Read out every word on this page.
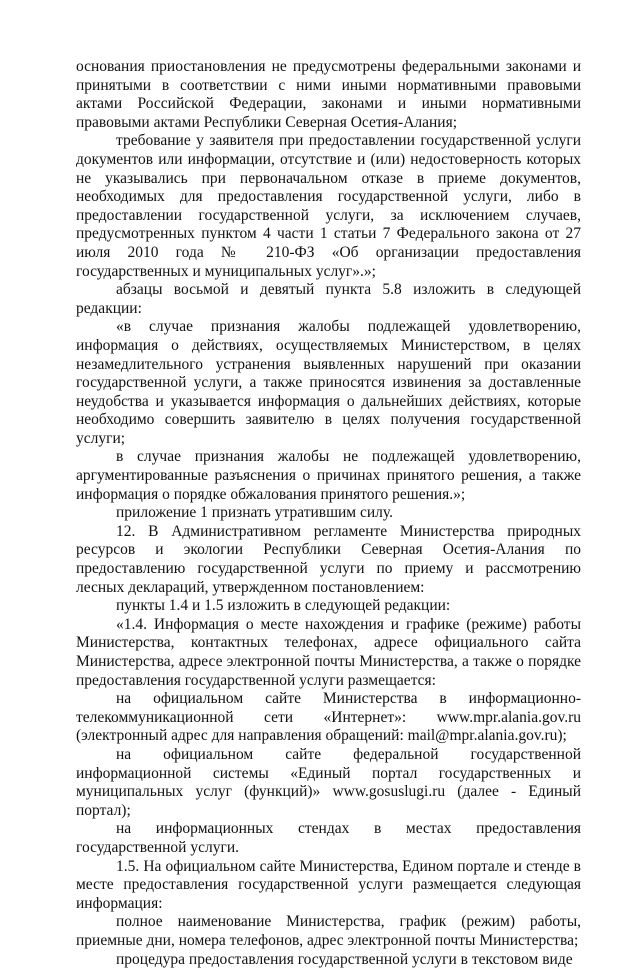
основания приостановления не предусмотрены федеральными законами и принятыми в соответствии с ними иными нормативными правовыми актами Российской Федерации, законами и иными нормативными правовыми актами Республики Северная Осетия-Алания;

требование у заявителя при предоставлении государственной услуги документов или информации, отсутствие и (или) недостоверность которых не указывались при первоначальном отказе в приеме документов, необходимых для предоставления государственной услуги, либо в предоставлении государственной услуги, за исключением случаев, предусмотренных пунктом 4 части 1 статьи 7 Федерального закона от 27 июля 2010 года № 210-ФЗ «Об организации предоставления государственных и муниципальных услуг».»;

абзацы восьмой и девятый пункта 5.8 изложить в следующей редакции:

«в случае признания жалобы подлежащей удовлетворению, информация о действиях, осуществляемых Министерством, в целях незамедлительного устранения выявленных нарушений при оказании государственной услуги, а также приносятся извинения за доставленные неудобства и указывается информация о дальнейших действиях, которые необходимо совершить заявителю в целях получения государственной услуги;

в случае признания жалобы не подлежащей удовлетворению, аргументированные разъяснения о причинах принятого решения, а также информация о порядке обжалования принятого решения.»;

приложение 1 признать утратившим силу.

12. В Административном регламенте Министерства природных ресурсов и экологии Республики Северная Осетия-Алания по предоставлению государственной услуги по приему и рассмотрению лесных деклараций, утвержденном постановлением:

пункты 1.4 и 1.5 изложить в следующей редакции:

«1.4. Информация о месте нахождения и графике (режиме) работы Министерства, контактных телефонах, адресе официального сайта Министерства, адресе электронной почты Министерства, а также о порядке предоставления государственной услуги размещается:

на официальном сайте Министерства в информационно-телекоммуникационной сети «Интернет»: www.mpr.alania.gov.ru (электронный адрес для направления обращений: mail@mpr.alania.gov.ru);

на официальном сайте федеральной государственной информационной системы «Единый портал государственных и муниципальных услуг (функций)» www.gosuslugi.ru (далее - Единый портал);

на информационных стендах в местах предоставления государственной услуги.

1.5. На официальном сайте Министерства, Едином портале и стенде в месте предоставления государственной услуги размещается следующая информация:

полное наименование Министерства, график (режим) работы, приемные дни, номера телефонов, адрес электронной почты Министерства;

процедура предоставления государственной услуги в текстовом виде
